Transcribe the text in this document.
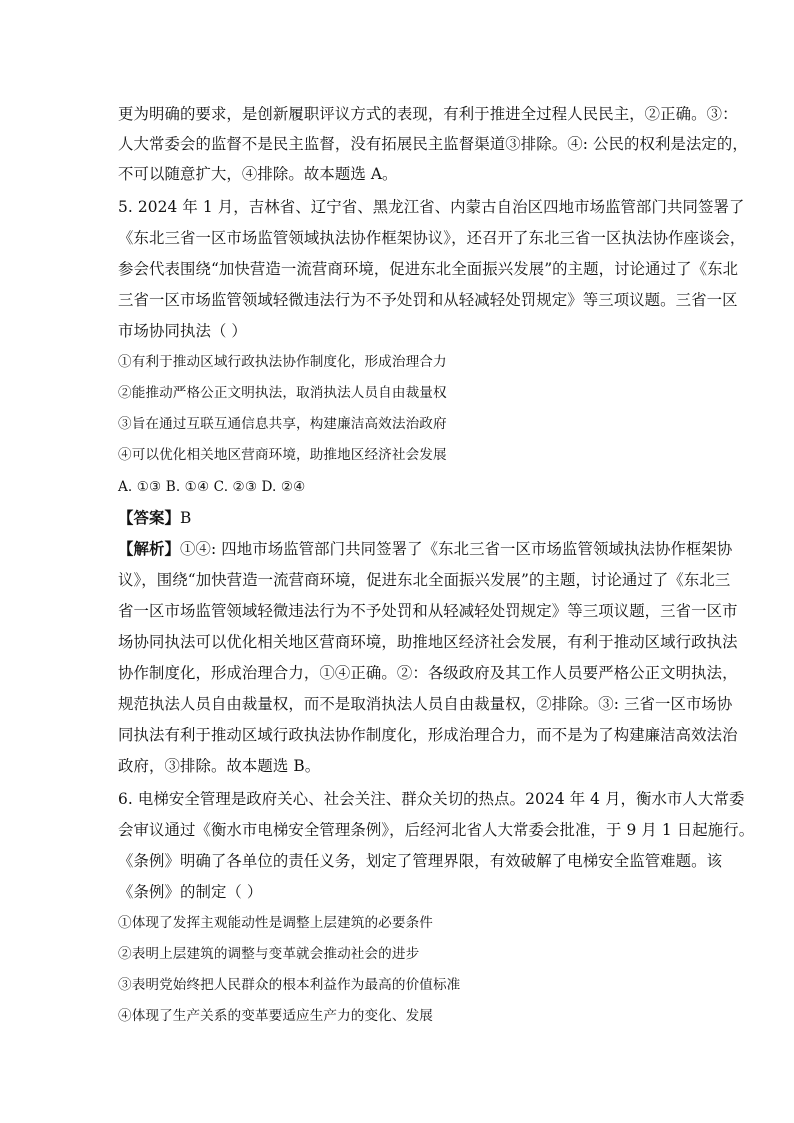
更为明确的要求，是创新履职评议方式的表现，有利于推进全过程人民民主，②正确。③：
人大常委会的监督不是民主监督，没有拓展民主监督渠道③排除。④: 公民的权利是法定的，
不可以随意扩大，④排除。故本题选 A。
5. 2024 年 1 月，吉林省、辽宁省、黑龙江省、内蒙古自治区四地市场监管部门共同签署了
《东北三省一区市场监管领域执法协作框架协议》，还召开了东北三省一区执法协作座谈会，
参会代表围绕“加快营造一流营商环境，促进东北全面振兴发展”的主题，讨论通过了《东北
三省一区市场监管领域轻微违法行为不予处罚和从轻减轻处罚规定》等三项议题。三省一区
市场协同执法（ ）
①有利于推动区域行政执法协作制度化，形成治理合力
②能推动严格公正文明执法，取消执法人员自由裁量权
③旨在通过互联互通信息共享，构建廉洁高效法治政府
④可以优化相关地区营商环境，助推地区经济社会发展
A. ①③ B. ①④ C. ②③ D. ②④
【答案】B
【解析】①④: 四地市场监管部门共同签署了《东北三省一区市场监管领域执法协作框架协
议》，围绕“加快营造一流营商环境，促进东北全面振兴发展”的主题，讨论通过了《东北三
省一区市场监管领域轻微违法行为不予处罚和从轻减轻处罚规定》等三项议题，三省一区市
场协同执法可以优化相关地区营商环境，助推地区经济社会发展，有利于推动区域行政执法
协作制度化，形成治理合力，①④正确。②：各级政府及其工作人员要严格公正文明执法，
规范执法人员自由裁量权，而不是取消执法人员自由裁量权，②排除。③: 三省一区市场协
同执法有利于推动区域行政执法协作制度化，形成治理合力，而不是为了构建廉洁高效法治
政府，③排除。故本题选 B。
6. 电梯安全管理是政府关心、社会关注、群众关切的热点。2024 年 4 月，衡水市人大常委
会审议通过《衡水市电梯安全管理条例》，后经河北省人大常委会批准，于 9 月 1 日起施行。
《条例》明确了各单位的责任义务，划定了管理界限，有效破解了电梯安全监管难题。该
《条例》的制定（ ）
①体现了发挥主观能动性是调整上层建筑的必要条件
②表明上层建筑的调整与变革就会推动社会的进步
③表明党始终把人民群众的根本利益作为最高的价值标准
④体现了生产关系的变革要适应生产力的变化、发展
